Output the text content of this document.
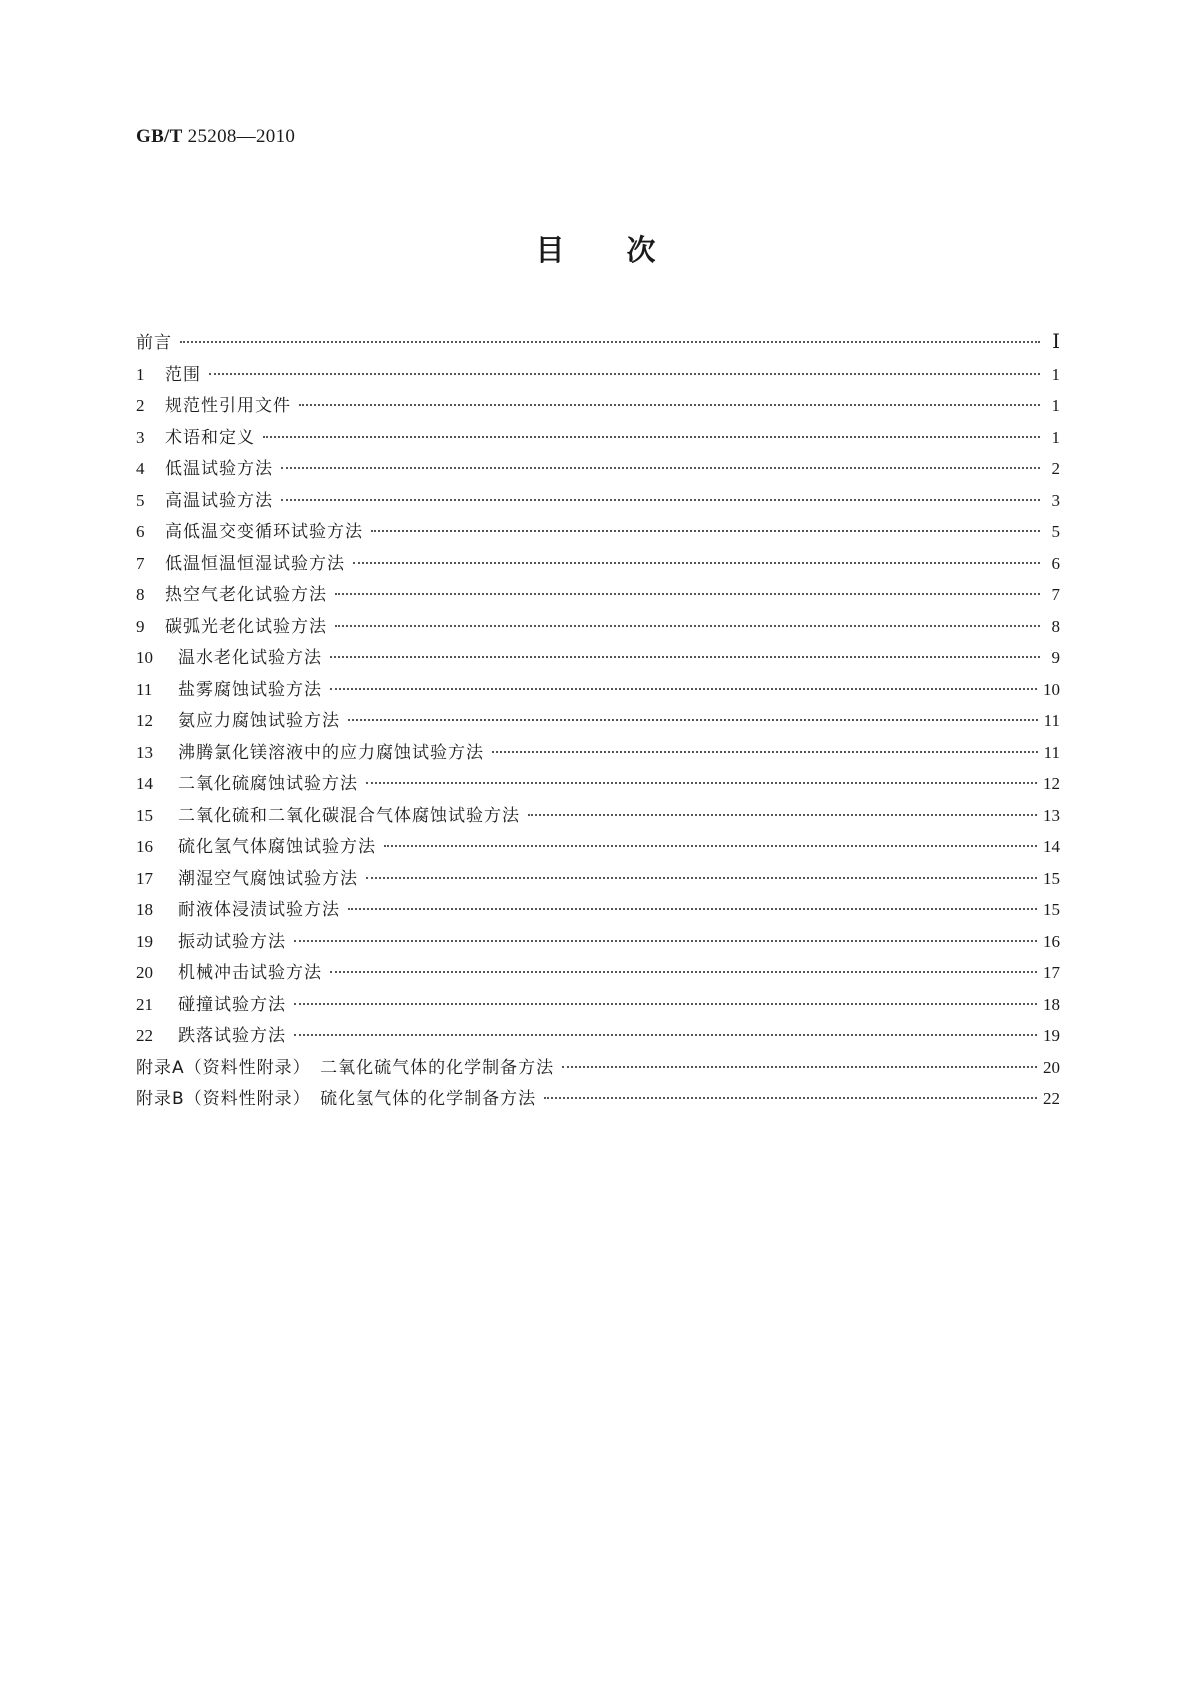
GB/T 25208—2010
目次
前言	Ⅰ
1	范围	1
2	规范性引用文件	1
3	术语和定义	1
4	低温试验方法	2
5	高温试验方法	3
6	高低温交变循环试验方法	5
7	低温恒温恒湿试验方法	6
8	热空气老化试验方法	7
9	碳弧光老化试验方法	8
10	温水老化试验方法	9
11	盐雾腐蚀试验方法	10
12	氨应力腐蚀试验方法	11
13	沸腾氯化镁溶液中的应力腐蚀试验方法	11
14	二氧化硫腐蚀试验方法	12
15	二氧化硫和二氧化碳混合气体腐蚀试验方法	13
16	硫化氢气体腐蚀试验方法	14
17	潮湿空气腐蚀试验方法	15
18	耐液体浸渍试验方法	15
19	振动试验方法	16
20	机械冲击试验方法	17
21	碰撞试验方法	18
22	跌落试验方法	19
附录A（资料性附录）　二氧化硫气体的化学制备方法	20
附录B（资料性附录）　硫化氢气体的化学制备方法	22
